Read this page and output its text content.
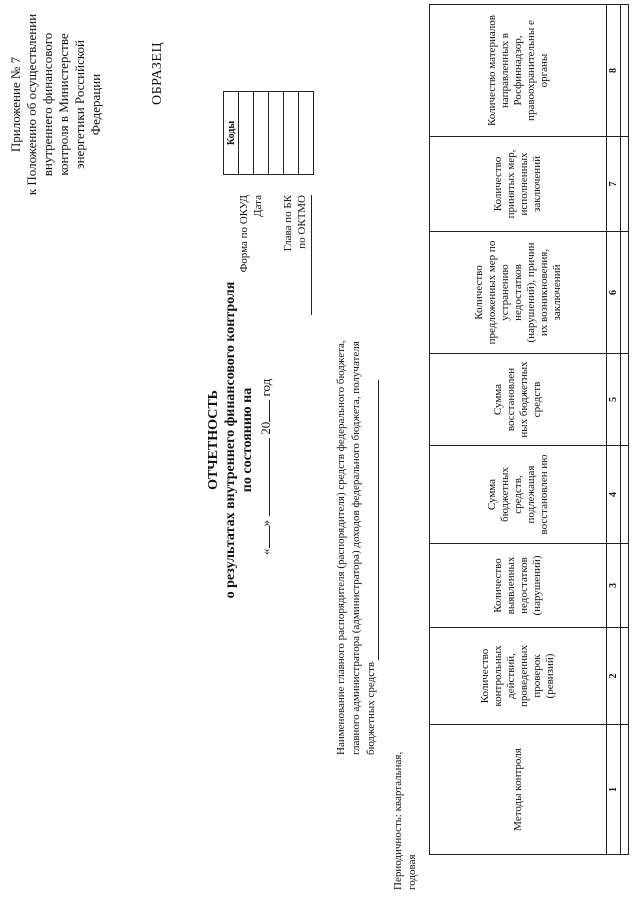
Приложение № 7 к Положению об осуществлении внутреннего финансового контроля в Министерстве энергетики Российской Федерации	ОБРАЗЕЦ
Коды

Форма по ОКУД Дата Глава по БК по ОКТМО
ОТЧЕТНОСТЬ о результатах внутреннего финансового контроля по состоянию на
«» 20 год	Наименование главного распорядителя (распорядителя) средств федерального бюджета, главного администратора (администратора) доходов федерального бюджета, получателя бюджетных средств
Периодичность: квартальная, годовая
Методы контроля	Количество контрольных действий, проведенных проверок (ревизий)	Количество выявленных недостатков (нарушений)	Сумма бюджетных средств, подлежащая восстановлен ию	Сумма восстановлен ных бюджетных средств	Количество предложенных мер по устранению недостатков (нарушений), причин их возникновения, заключений	Количество принятых мер, исполненных заключений	Количество материалов направленных в Росфиннадзор, правоохранительны е органы
1	2	3	4	5	6	7	8
